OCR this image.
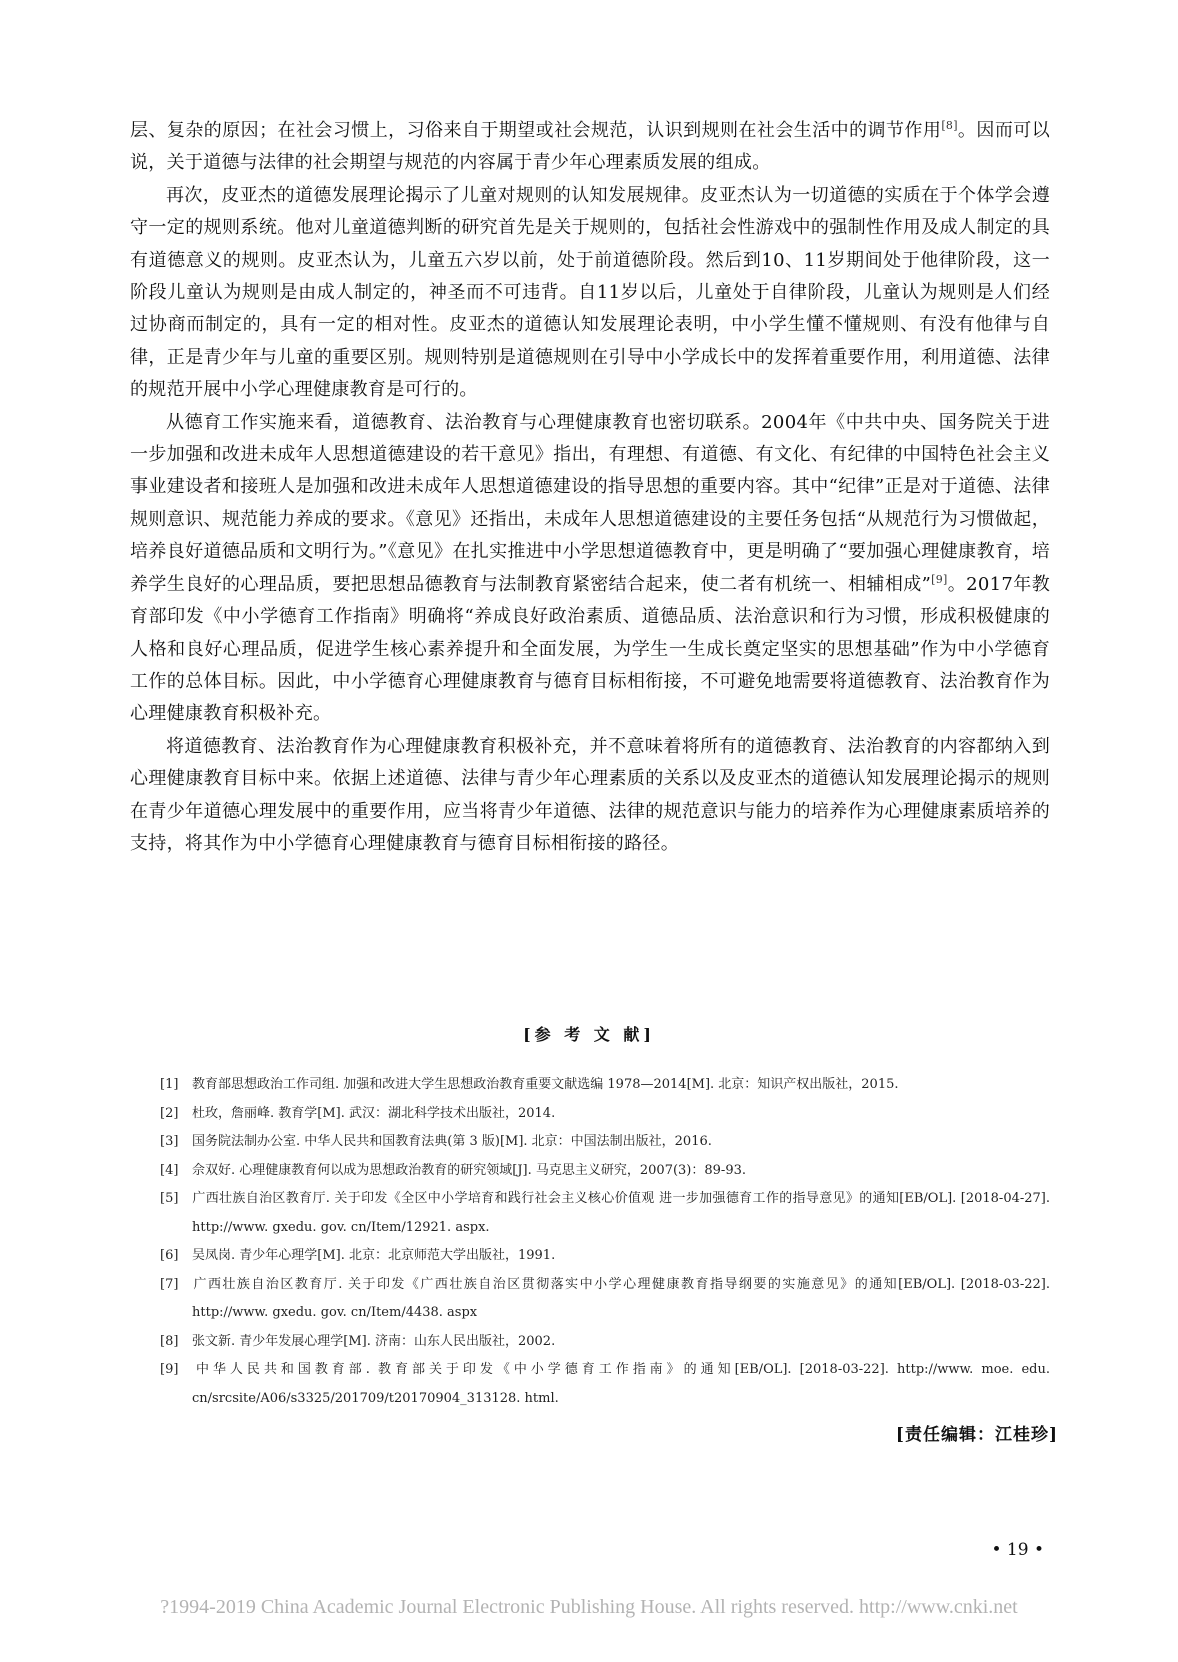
层、复杂的原因；在社会习惯上，习俗来自于期望或社会规范，认识到规则在社会生活中的调节作用[8]。因而可以说，关于道德与法律的社会期望与规范的内容属于青少年心理素质发展的组成。

再次，皮亚杰的道德发展理论揭示了儿童对规则的认知发展规律。皮亚杰认为一切道德的实质在于个体学会遵守一定的规则系统。他对儿童道德判断的研究首先是关于规则的，包括社会性游戏中的强制性作用及成人制定的具有道德意义的规则。皮亚杰认为，儿童五六岁以前，处于前道德阶段。然后到10、11岁期间处于他律阶段，这一阶段儿童认为规则是由成人制定的，神圣而不可违背。自11岁以后，儿童处于自律阶段，儿童认为规则是人们经过协商而制定的，具有一定的相对性。皮亚杰的道德认知发展理论表明，中小学生懂不懂规则、有没有他律与自律，正是青少年与儿童的重要区别。规则特别是道德规则在引导中小学成长中的发挥着重要作用，利用道德、法律的规范开展中小学心理健康教育是可行的。

从德育工作实施来看，道德教育、法治教育与心理健康教育也密切联系。2004年《中共中央、国务院关于进一步加强和改进未成年人思想道德建设的若干意见》指出，有理想、有道德、有文化、有纪律的中国特色社会主义事业建设者和接班人是加强和改进未成年人思想道德建设的指导思想的重要内容。其中“纪律”正是对于道德、法律规则意识、规范能力养成的要求。《意见》还指出，未成年人思想道德建设的主要任务包括“从规范行为习惯做起，培养良好道德品质和文明行为。”《意见》在扎实推进中小学思想道德教育中，更是明确了“要加强心理健康教育，培养学生良好的心理品质，要把思想品德教育与法制教育紧密结合起来，使二者有机统一、相辅相成”[9]。2017年教育部印发《中小学德育工作指南》明确将“养成良好政治素质、道德品质、法治意识和行为习惯，形成积极健康的人格和良好心理品质，促进学生核心素养提升和全面发展，为学生一生成长奠定坚实的思想基础”作为中小学德育工作的总体目标。因此，中小学德育心理健康教育与德育目标相衔接，不可避免地需要将道德教育、法治教育作为心理健康教育积极补充。

将道德教育、法治教育作为心理健康教育积极补充，并不意味着将所有的道德教育、法治教育的内容都纳入到心理健康教育目标中来。依据上述道德、法律与青少年心理素质的关系以及皮亚杰的道德认知发展理论揭示的规则在青少年道德心理发展中的重要作用，应当将青少年道德、法律的规范意识与能力的培养作为心理健康素质培养的支持，将其作为中小学德育心理健康教育与德育目标相衔接的路径。

[参 考 文 献]
[1] 教育部思想政治工作司组. 加强和改进大学生思想政治教育重要文献选编 1978—2014[M]. 北京：知识产权出版社，2015.
[2] 杜玫，詹丽峰. 教育学[M]. 武汉：湖北科学技术出版社，2014.
[3] 国务院法制办公室. 中华人民共和国教育法典(第 3 版)[M]. 北京：中国法制出版社，2016.
[4] 佘双好. 心理健康教育何以成为思想政治教育的研究领域[J]. 马克思主义研究，2007(3)：89-93.
[5] 广西壮族自治区教育厅. 关于印发《全区中小学培育和践行社会主义核心价值观 进一步加强德育工作的指导意见》的通知[EB/OL]. [2018-04-27]. http://www. gxedu. gov. cn/Item/12921. aspx.
[6] 吴凤岗. 青少年心理学[M]. 北京：北京师范大学出版社，1991.
[7] 广西壮族自治区教育厅. 关于印发《广西壮族自治区贯彻落实中小学心理健康教育指导纲要的实施意见》的通知[EB/OL]. [2018-03-22]. http://www. gxedu. gov. cn/Item/4438. aspx
[8] 张文新. 青少年发展心理学[M]. 济南：山东人民出版社，2002.
[9] 中华人民共和国教育部. 教育部关于印发《中小学德育工作指南》的通知[EB/OL]. [2018-03-22]. http://www. moe. edu. cn/srcsite/A06/s3325/201709/t20170904_313128. html.
[责任编辑：江桂珍]
• 19 •
?1994-2019 China Academic Journal Electronic Publishing House. All rights reserved. http://www.cnki.net
